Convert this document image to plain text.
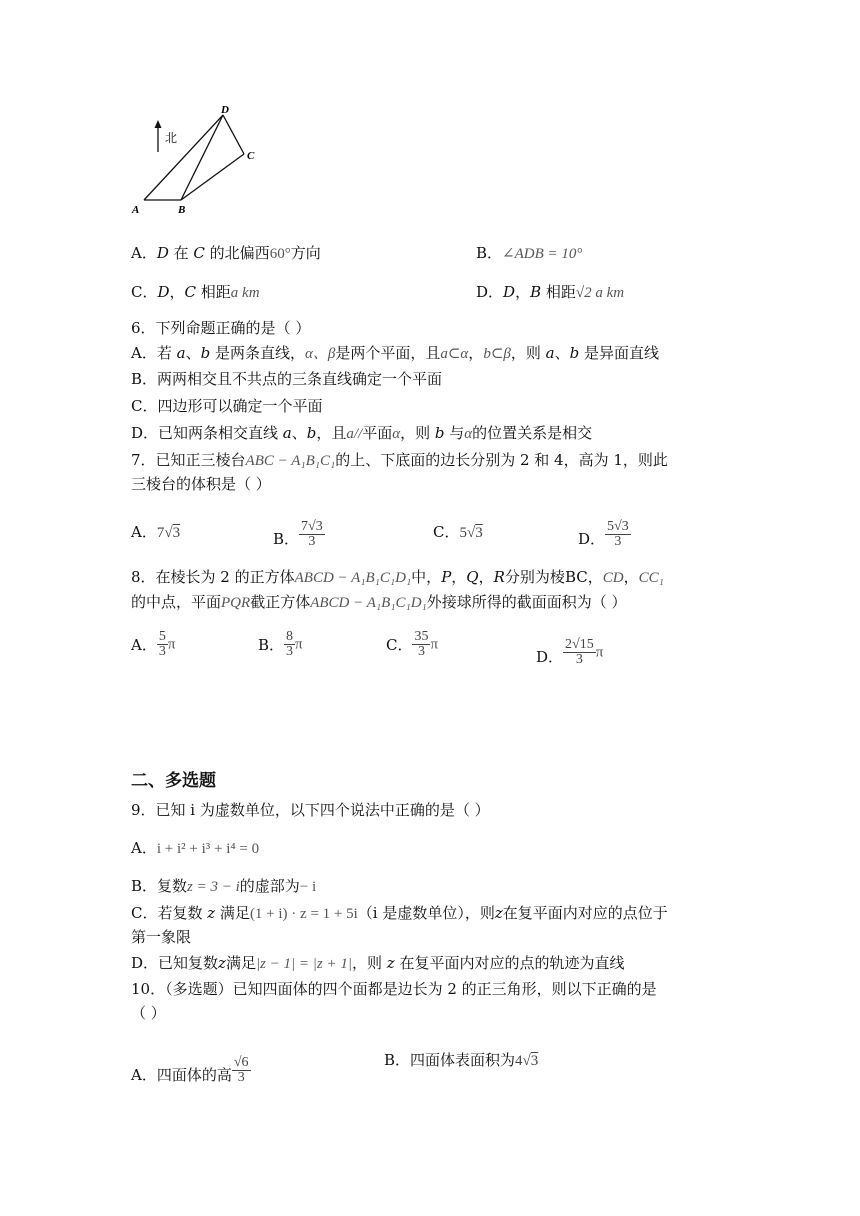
北
A	B
C
D
A．D 在 C 的北偏西60°方向	B．∠ADB = 10°
C．D，C 相距a km	D．D，B 相距√2 a km
6．下列命题正确的是（ ）
A．若 a、b 是两条直线，α、β是两个平面，且a⊂α，b⊂β，则 a、b 是异面直线
B．两两相交且不共点的三条直线确定一个平面
C．四边形可以确定一个平面
D．已知两条相交直线 a、b，且a//平面α，则 b 与α的位置关系是相交
7．已知正三棱台ABC − A₁B₁C₁的上、下底面的边长分别为 2 和 4，高为 1，则此
三棱台的体积是（ ）
A．7√3	B． $\frac{7√3}{3}$	C．5√3	D． $\frac{5√3}{3}$
8．在棱长为 2 的正方体ABCD − A₁B₁C₁D₁中，P，Q，R分别为棱BC，CD，CC₁
的中点，平面PQR截正方体ABCD − A₁B₁C₁D₁外接球所得的截面面积为（ ）
A． $\frac{5}{3}$ π	B． $\frac{8}{3}$ π	C． $\frac{35}{3}$ π
D． $\frac{2√15}{3}$ π
二、多选题
9．已知 i 为虚数单位，以下四个说法中正确的是（ ）
A．i + i² + i³ + i⁴ = 0
B．复数z = 3 − i的虚部为− i
C．若复数 z 满足(1 + i) · z = 1 + 5i（i 是虚数单位），则z在复平面内对应的点位于
第一象限
D．已知复数z满足|z − 1| = |z + 1|，则 z 在复平面内对应的点的轨迹为直线
10．（多选题）已知四面体的四个面都是边长为 2 的正三角形，则以下正确的是
（ ）
A．四面体的高 $\frac{√6}{3}$	B．四面体表面积为4√3
